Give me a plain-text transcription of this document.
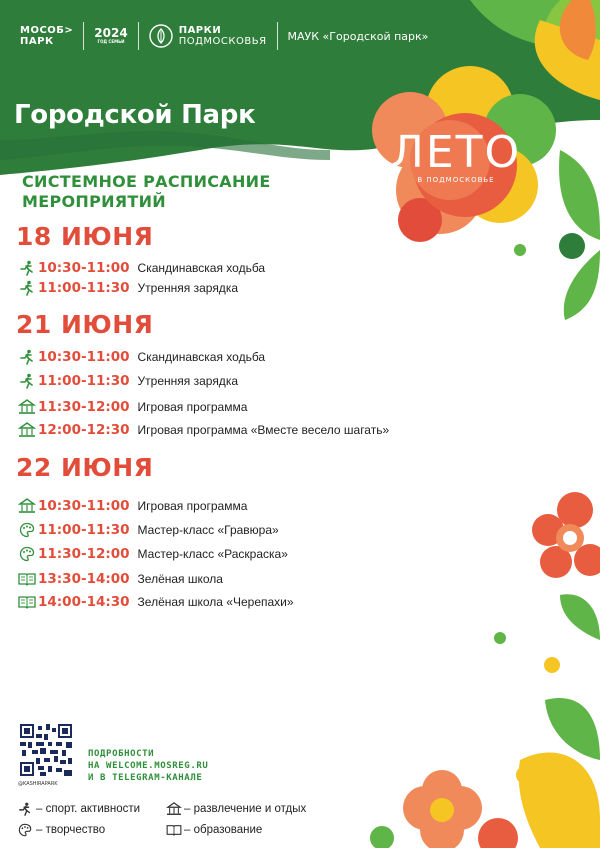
МОСОБ>
ПАРК
2024
ГОД СЕМЬИ
ПАРКИ
ПОДМОСКОВЬЯ МАУК «Городской парк»
Городской Парк
ЛЕТО
В ПОДМОСКОВЬЕ
СИСТЕМНОЕ РАСПИСАНИЕ
МЕРОПРИЯТИЙ
18 ИЮНЯ
10:30-11:00 Скандинавская ходьба
11:00-11:30 Утренняя зарядка
21 ИЮНЯ
10:30-11:00 Скандинавская ходьба
11:00-11:30 Утренняя зарядка
11:30-12:00 Игровая программа
12:00-12:30 Игровая программа «Вместе весело шагать»
22 ИЮНЯ
10:30-11:00 Игровая программа
11:00-11:30 Мастер-класс «Гравюра»
11:30-12:00 Мастер-класс «Раскраска»
13:30-14:00 Зелёная школа
14:00-14:30 Зелёная школа «Черепахи»
@KASHIRAPARK
ПОДРОБНОСТИ
НА WELCOME.MOSREG.RU
И В TELEGRAM-КАНАЛЕ
– спорт. активности	– развлечение и отдых
– творчество	– образование
